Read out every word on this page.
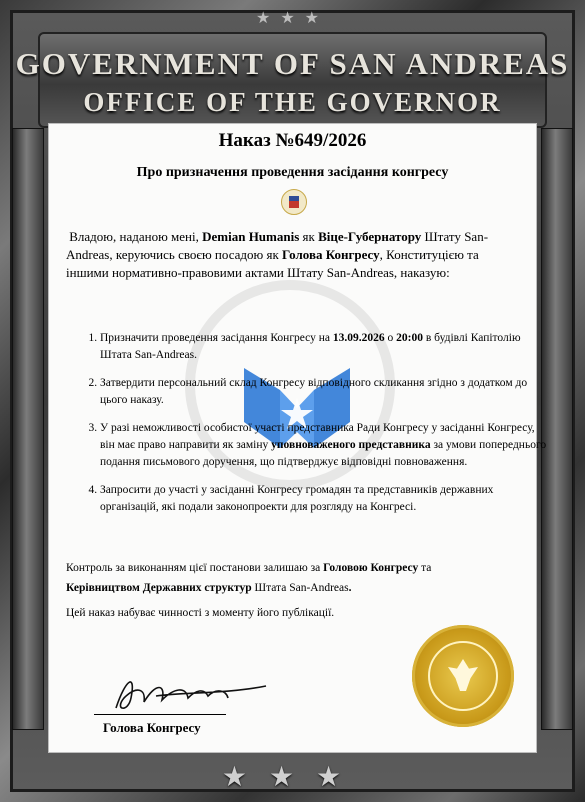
★★★
GOVERNMENT OF SAN ANDREAS
OFFICE OF THE GOVERNOR
Наказ №649/2026
Про призначення проведення засідання конгресу
Владою, наданою мені, Demian Humanis як Віце-Губернатору Штату San-Andreas, керуючись своєю посадою як Голова Конгресу, Конституцією та іншими нормативно-правовими актами Штату San-Andreas, наказую:
1. Призначити проведення засідання Конгресу на 13.09.2026 о 20:00 в будівлі Капітолію Штата San-Andreas.
2. Затвердити персональний склад Конгресу відповідного скликання згідно з додатком до цього наказу.
3. У разі неможливості особистої участі представника Ради Конгресу у засіданні Конгресу, він має право направити як заміну уповноваженого представника за умови попереднього подання письмового доручення, що підтверджує відповідні повноваження.
4. Запросити до участі у засіданні Конгресу громадян та представників державних організацій, які подали законопроекти для розгляду на Конгресі.
Контроль за виконанням цієї постанови залишаю за Головою Конгресу та
Керівництвом Державних структур Штата San-Andreas.
Цей наказ набуває чинності з моменту його публікації.
Голова Конгресу
★★★
